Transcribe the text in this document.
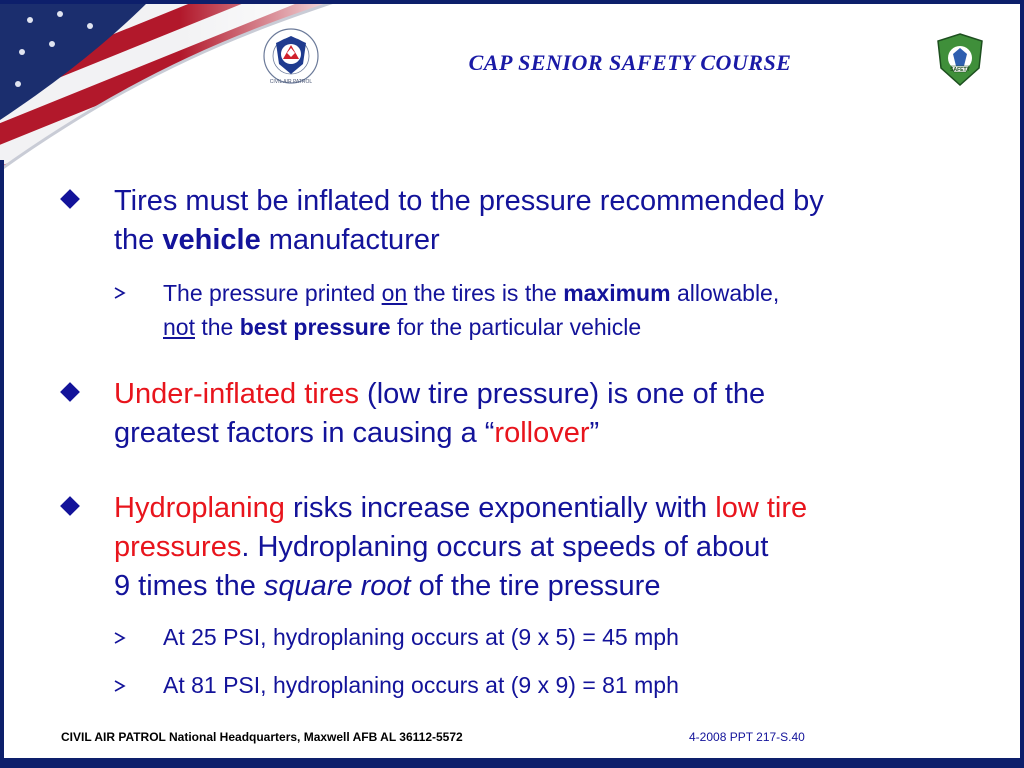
CIVIL AIR PATROL
CAP SENIOR SAFETY COURSE	SAFETY
Tires must be inflated to the pressure recommended by
the vehicle manufacturer
The pressure printed on the tires is the maximum allowable,
not the best pressure for the particular vehicle
Under-inflated tires (low tire pressure) is one of the
greatest factors in causing a “rollover”
Hydroplaning risks increase exponentially with low tire
pressures. Hydroplaning occurs at speeds of about
9 times the square root of the tire pressure
At 25 PSI, hydroplaning occurs at (9 x 5) = 45 mph
At 81 PSI, hydroplaning occurs at (9 x 9) = 81 mph
CIVIL AIR PATROL National Headquarters, Maxwell AFB AL 36112-5572	4-2008 PPT 217-S.40
